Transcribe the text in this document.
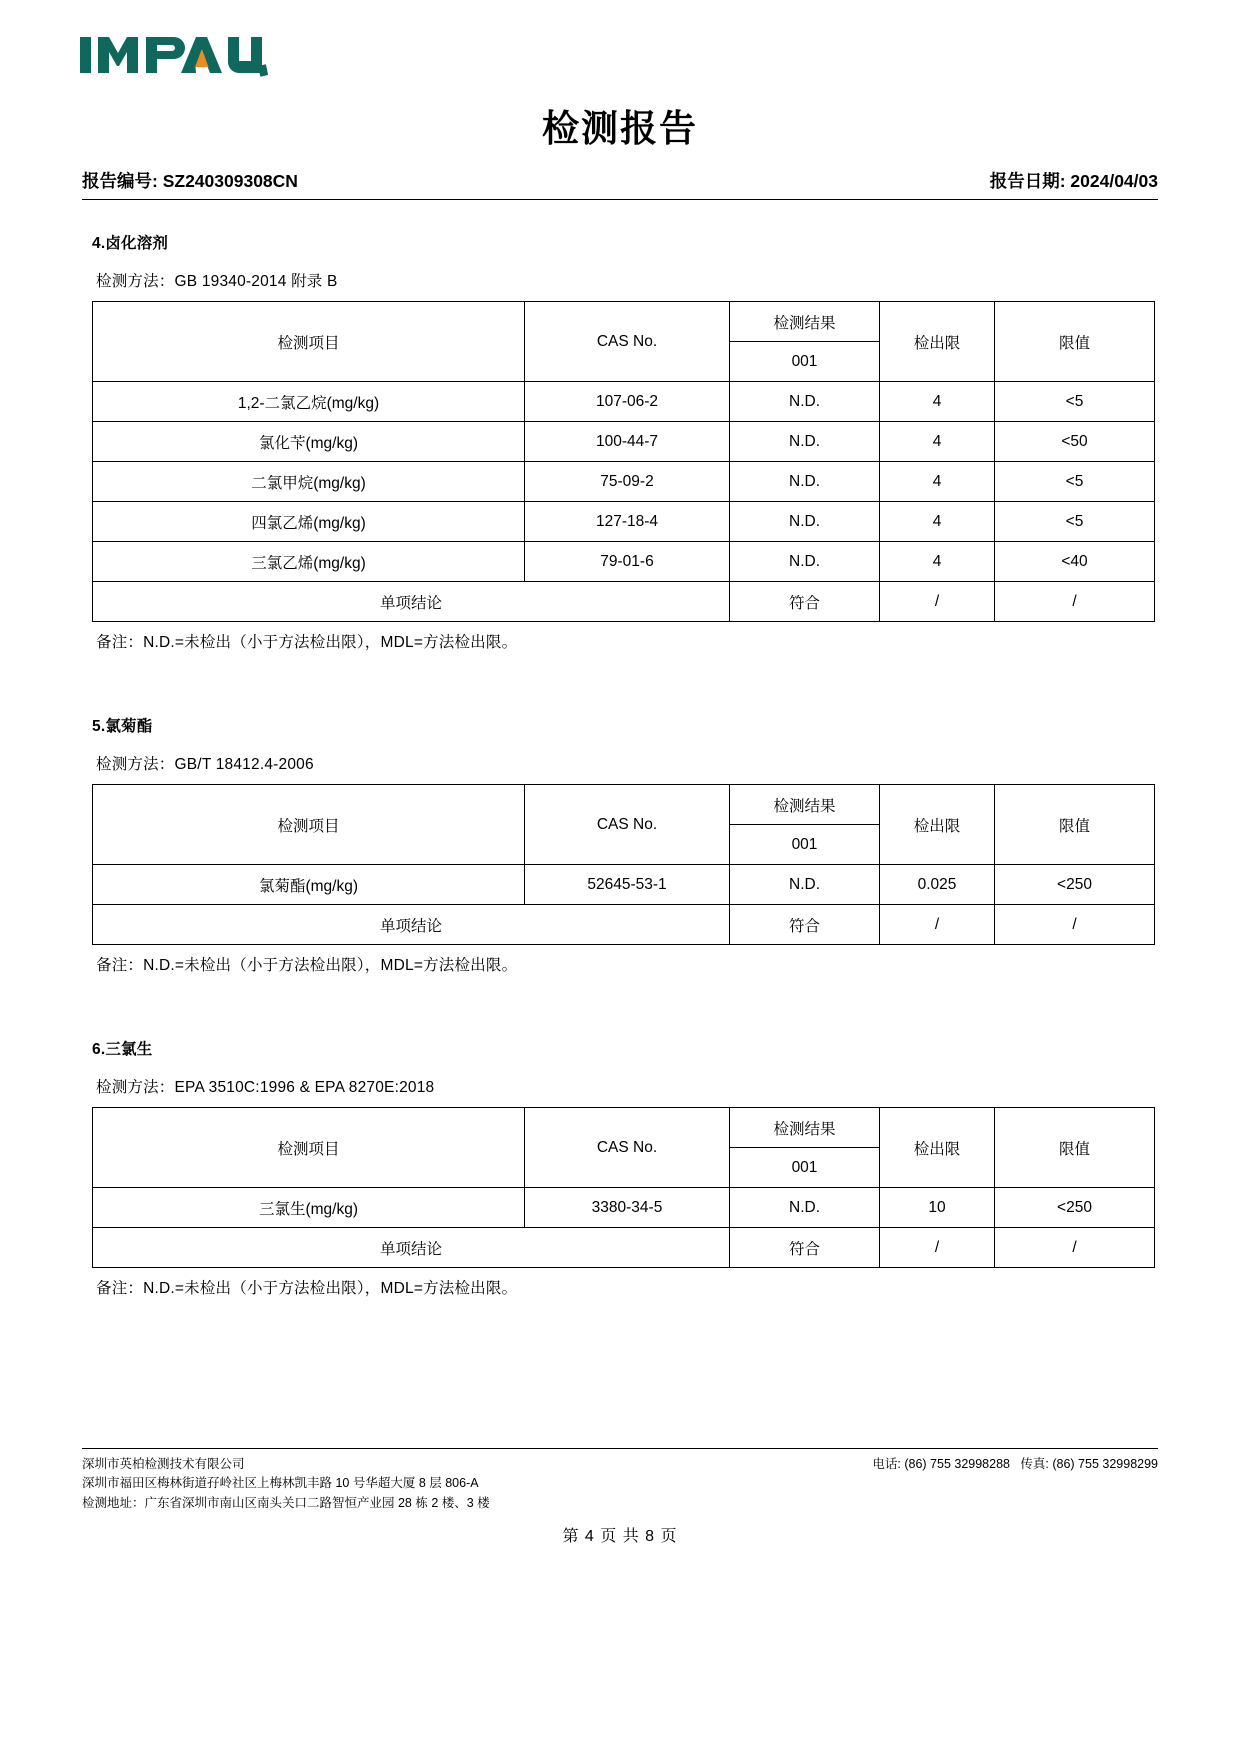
检测报告
报告编号: SZ240309308CN	报告日期: 2024/04/03
4.卤化溶剂
检测方法：GB 19340-2014 附录 B
检测项目	CAS No.	检测结果	检出限	限值
		001		
1,2-二氯乙烷(mg/kg)	107-06-2	N.D.	4	<5
氯化苄(mg/kg)	100-44-7	N.D.	4	<50
二氯甲烷(mg/kg)	75-09-2	N.D.	4	<5
四氯乙烯(mg/kg)	127-18-4	N.D.	4	<5
三氯乙烯(mg/kg)	79-01-6	N.D.	4	<40
单项结论		符合	/	/
备注：N.D.=未检出（小于方法检出限），MDL=方法检出限。
5.氯菊酯
检测方法：GB/T 18412.4-2006
检测项目	CAS No.	检测结果	检出限	限值
		001		
氯菊酯(mg/kg)	52645-53-1	N.D.	0.025	<250
单项结论		符合	/	/
备注：N.D.=未检出（小于方法检出限），MDL=方法检出限。
6.三氯生
检测方法：EPA 3510C:1996 & EPA 8270E:2018
检测项目	CAS No.	检测结果	检出限	限值
		001		
三氯生(mg/kg)	3380-34-5	N.D.	10	<250
单项结论		符合	/	/
备注：N.D.=未检出（小于方法检出限），MDL=方法检出限。
深圳市英柏检测技术有限公司	电话: (86) 755 32998288 传真: (86) 755 32998299
深圳市福田区梅林街道孖岭社区上梅林凯丰路 10 号华超大厦 8 层 806-A
检测地址：广东省深圳市南山区南头关口二路智恒产业园 28 栋 2 楼、3 楼
第 4 页 共 8 页
